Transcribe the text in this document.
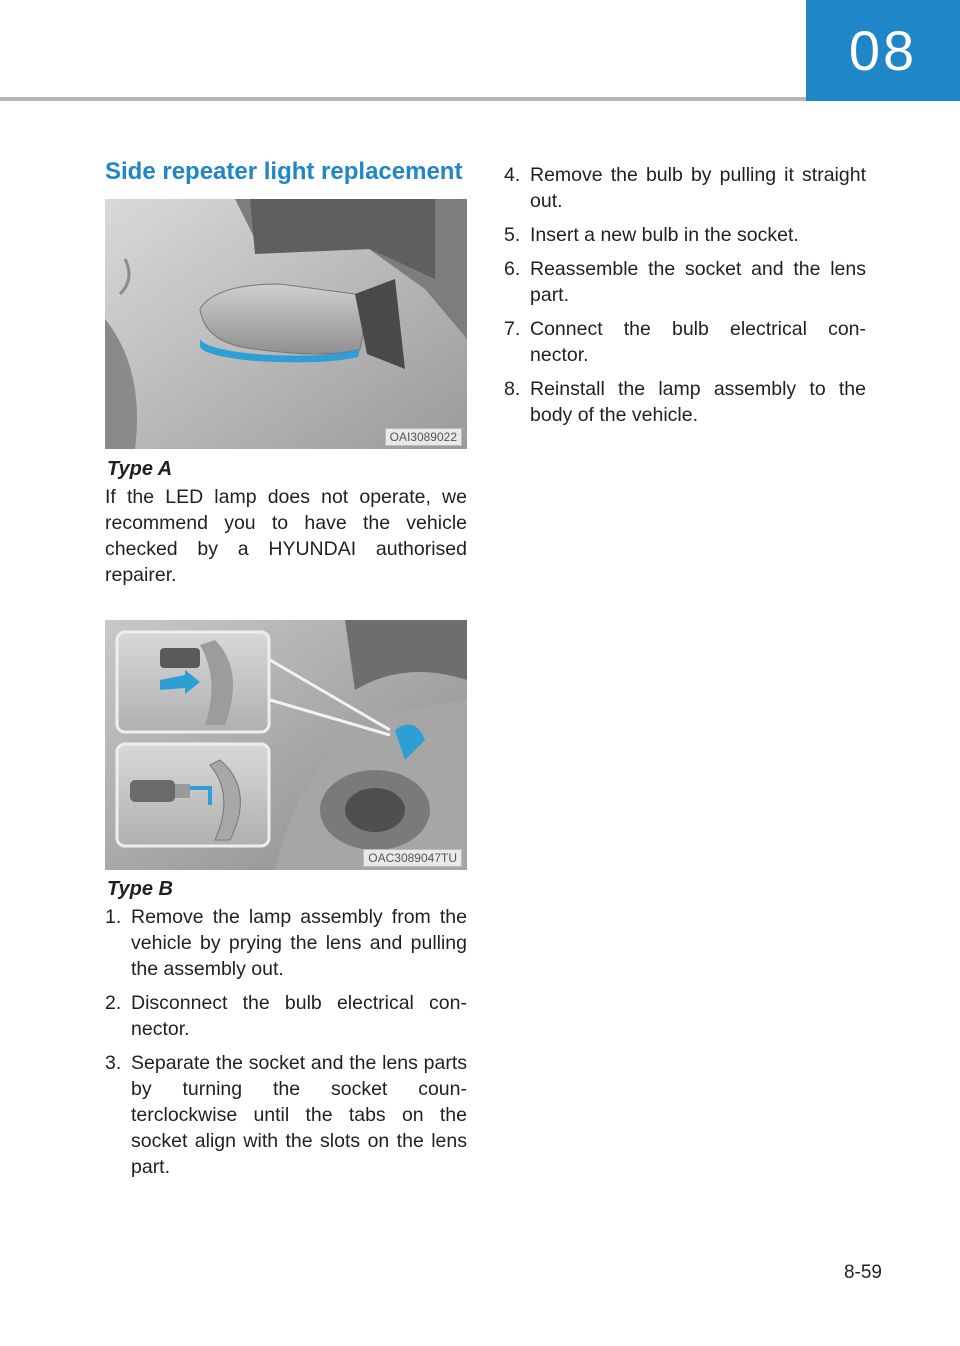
08
Side repeater light replacement
OAI3089022

Type A

If the LED lamp does not operate, we recommend you to have the vehicle checked by a HYUNDAI authorised repairer.

OAC3089047TU

Type B

1. Remove the lamp assembly from the vehicle by prying the lens and pulling the assembly out.
2. Disconnect the bulb electrical con- nector.
3. Separate the socket and the lens parts by turning the socket coun- terclockwise until the tabs on the socket align with the slots on the lens part.
4. Remove the bulb by pulling it straight out.
5. Insert a new bulb in the socket.
6. Reassemble the socket and the lens part.
7. Connect the bulb electrical con- nector.
8. Reinstall the lamp assembly to the body of the vehicle.
8-59
